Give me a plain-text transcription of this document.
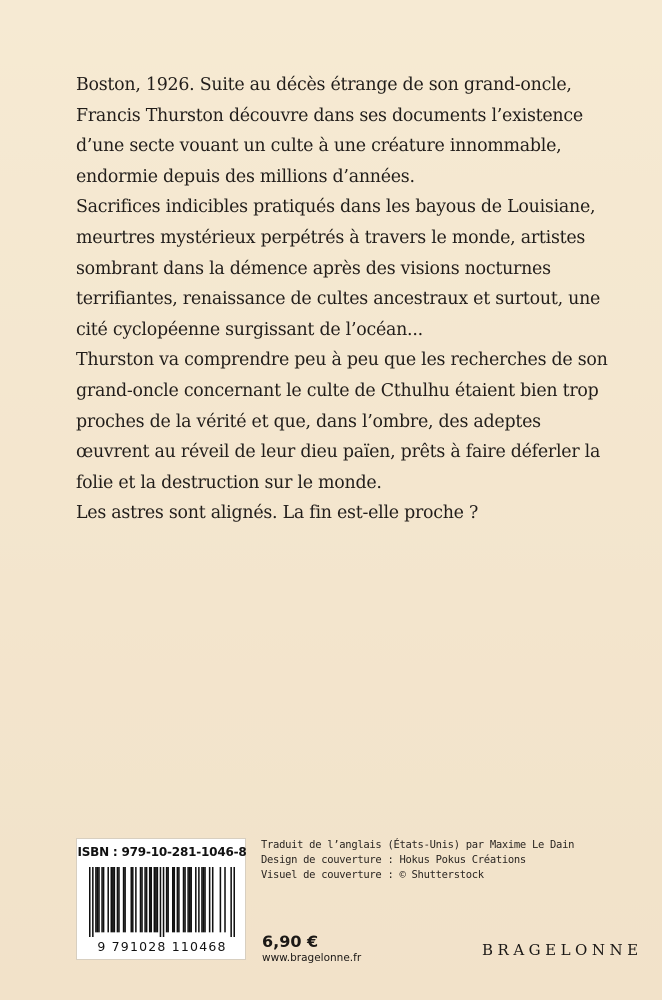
Boston, 1926. Suite au décès étrange de son grand-oncle, Francis Thurston découvre dans ses documents l’existence d’une secte vouant un culte à une créature innommable, endormie depuis des millions d’années.

Sacrifices indicibles pratiqués dans les bayous de Louisiane, meurtres mystérieux perpétrés à travers le monde, artistes sombrant dans la démence après des visions nocturnes terrifiantes, renaissance de cultes ancestraux et surtout, une cité cyclopéenne surgissant de l’océan...

Thurston va comprendre peu à peu que les recherches de son grand-oncle concernant le culte de Cthulhu étaient bien trop proches de la vérité et que, dans l’ombre, des adeptes œuvrent au réveil de leur dieu païen, prêts à faire déferler la folie et la destruction sur le monde.

Les astres sont alignés. La fin est-elle proche ?

ISBN : 979-10-281-1046-8
9 791028 110468
Traduit de l’anglais (États-Unis) par Maxime Le Dain
Design de couverture : Hokus Pokus Créations
Visuel de couverture : © Shutterstock
6,90 €
www.bragelonne.fr	BRAGELONNE
